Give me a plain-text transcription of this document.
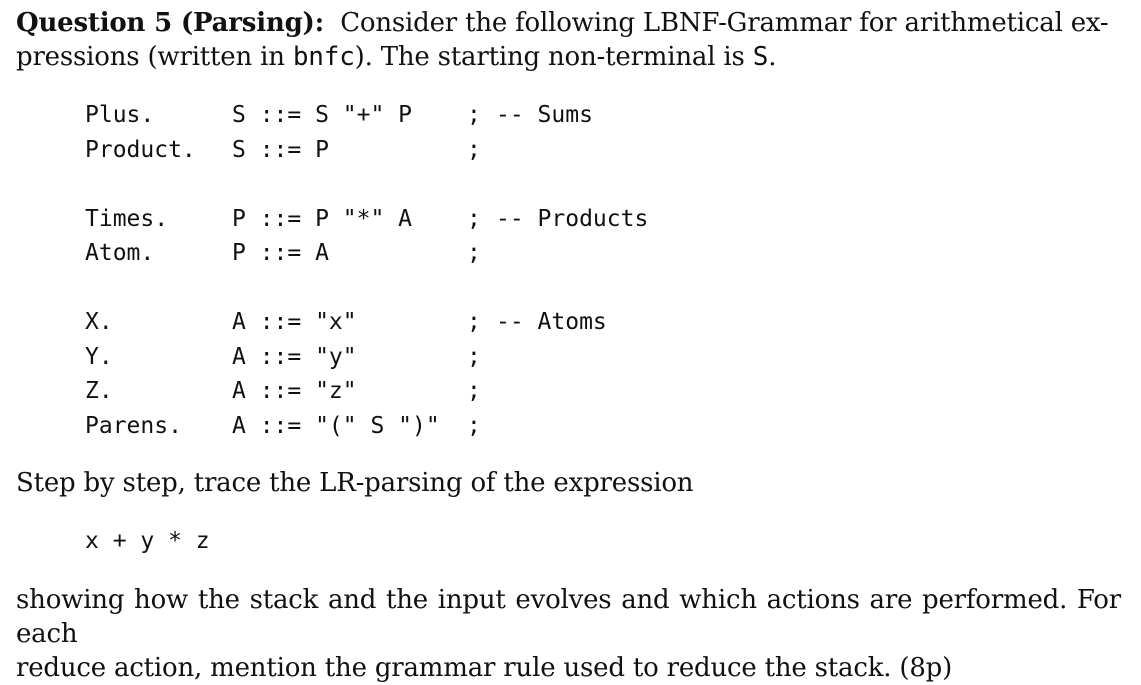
Question 5 (Parsing): Consider the following LBNF-Grammar for arithmetical ex-
pressions (written in bnfc). The starting non-terminal is S.
Plus.	S ::= S "+" P ; -- Sums
Product. S ::= P	;
Times.	P ::= P "*" A ; -- Products
Atom.	P ::= A	;
X.	A ::= "x"	; -- Atoms
Y.	A ::= "y"	;
Z.	A ::= "z"	;
Parens. A ::= "(" S ")" ;
Step by step, trace the LR-parsing of the expression
x + y * z
showing how the stack and the input evolves and which actions are performed. For each
reduce action, mention the grammar rule used to reduce the stack. (8p)
